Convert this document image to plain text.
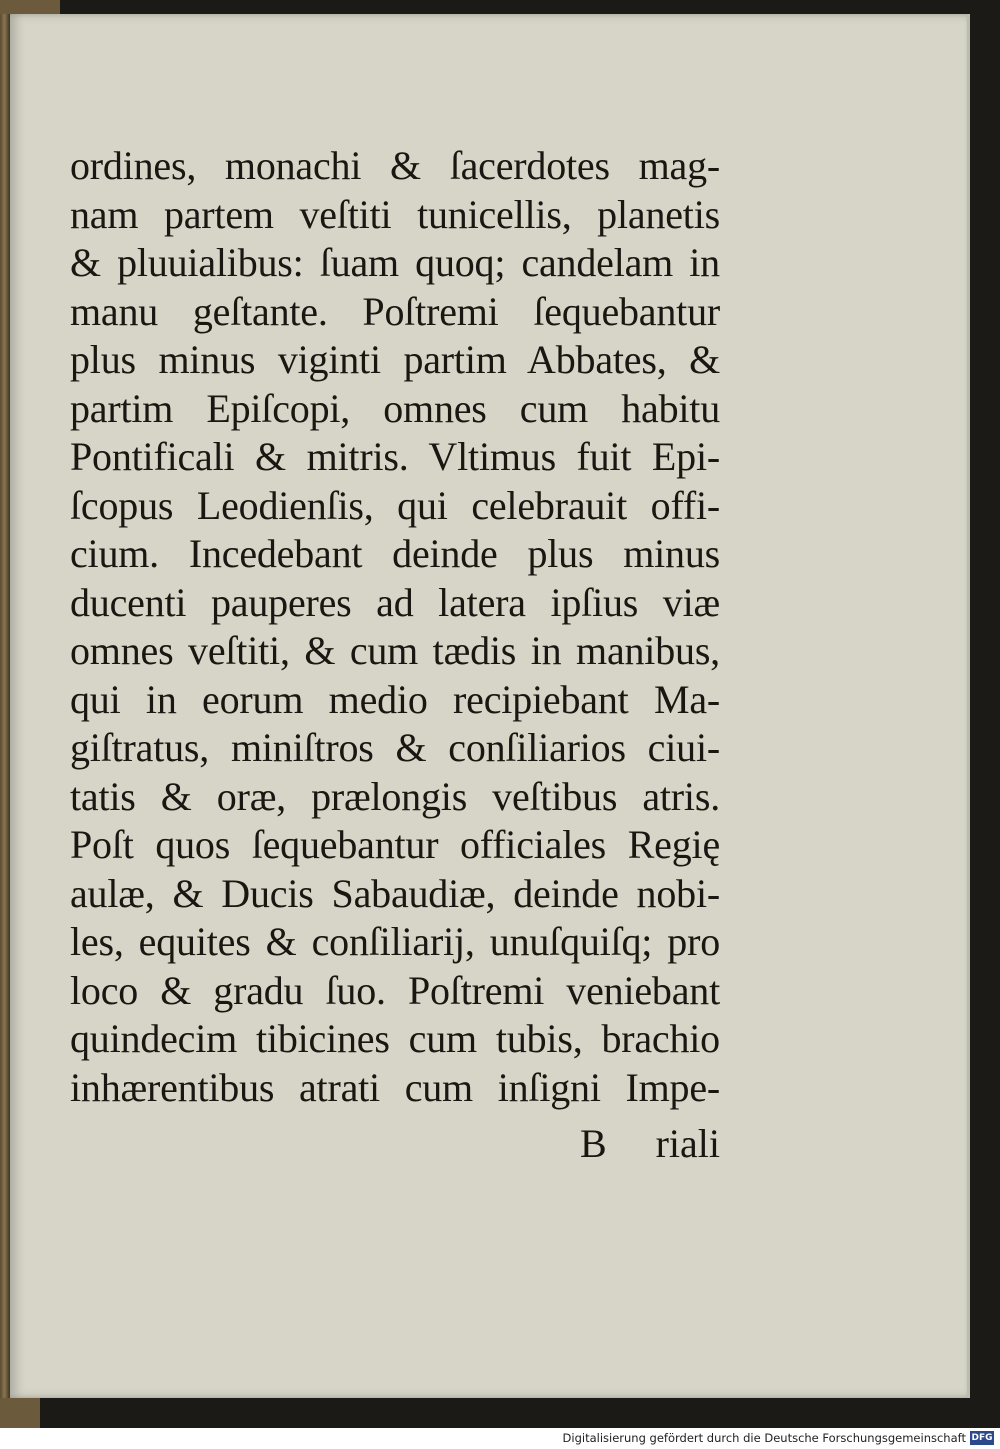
ordines, monachi & ſacerdotes mag-
nam partem veſtiti tunicellis, planetis
& pluuialibus: ſuam quoq; candelam in
manu geſtante. Poſtremi ſequebantur
plus minus viginti partim Abbates, &
partim Epiſcopi, omnes cum habitu
Pontificali & mitris. Vltimus fuit Epi-
ſcopus Leodienſis, qui celebrauit offi-
cium. Incedebant deinde plus minus
ducenti pauperes ad latera ipſius viæ
omnes veſtiti, & cum tædis in manibus,
qui in eorum medio recipiebant Ma-
giſtratus, miniſtros & conſiliarios ciui-
tatis & oræ, prælongis veſtibus atris.
Poſt quos ſequebantur officiales Regię
aulæ, & Ducis Sabaudiæ, deinde nobi-
les, equites & conſiliarij, unuſquiſq; pro
loco & gradu ſuo. Poſtremi veniebant
quindecim tibicines cum tubis, brachio
inhærentibus atrati cum inſigni Impe-
B riali
Digitalisierung gefördert durch die Deutsche Forschungsgemeinschaft DFG
